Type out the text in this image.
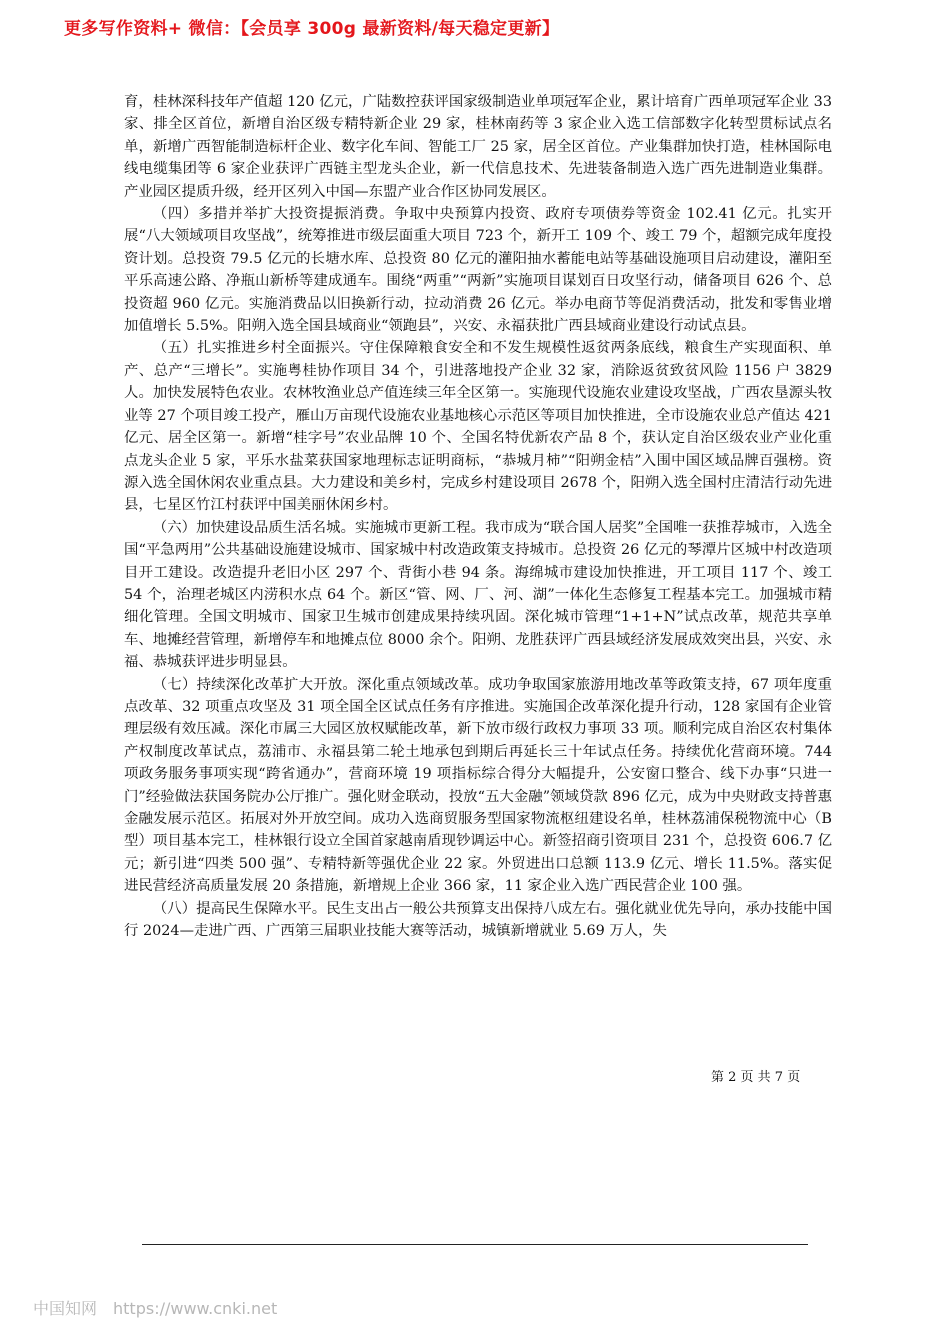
更多写作资料+ 微信：【会员享 300g 最新资料/每天稳定更新】

育，桂林深科技年产值超 120 亿元，广陆数控获评国家级制造业单项冠军企业，累计培育广西单项冠军企业 33 家、排全区首位，新增自治区级专精特新企业 29 家，桂林南药等 3 家企业入选工信部数字化转型贯标试点名单，新增广西智能制造标杆企业、数字化车间、智能工厂 25 家，居全区首位。产业集群加快打造，桂林国际电线电缆集团等 6 家企业获评广西链主型龙头企业，新一代信息技术、先进装备制造入选广西先进制造业集群。产业园区提质升级，经开区列入中国—东盟产业合作区协同发展区。

（四）多措并举扩大投资提振消费。争取中央预算内投资、政府专项债券等资金 102.41 亿元。扎实开展“八大领域项目攻坚战”，统筹推进市级层面重大项目 723 个，新开工 109 个、竣工 79 个，超额完成年度投资计划。总投资 79.5 亿元的长塘水库、总投资 80 亿元的灌阳抽水蓄能电站等基础设施项目启动建设，灌阳至平乐高速公路、净瓶山新桥等建成通车。围绕“两重”“两新”实施项目谋划百日攻坚行动，储备项目 626 个、总投资超 960 亿元。实施消费品以旧换新行动，拉动消费 26 亿元。举办电商节等促消费活动，批发和零售业增加值增长 5.5%。阳朔入选全国县域商业“领跑县”，兴安、永福获批广西县域商业建设行动试点县。

（五）扎实推进乡村全面振兴。守住保障粮食安全和不发生规模性返贫两条底线，粮食生产实现面积、单产、总产“三增长”。实施粤桂协作项目 34 个，引进落地投产企业 32 家，消除返贫致贫风险 1156 户 3829 人。加快发展特色农业。农林牧渔业总产值连续三年全区第一。实施现代设施农业建设攻坚战，广西农垦源头牧业等 27 个项目竣工投产，雁山万亩现代设施农业基地核心示范区等项目加快推进，全市设施农业总产值达 421 亿元、居全区第一。新增“桂字号”农业品牌 10 个、全国名特优新农产品 8 个，获认定自治区级农业产业化重点龙头企业 5 家，平乐水盐菜获国家地理标志证明商标，“恭城月柿”“阳朔金桔”入围中国区域品牌百强榜。资源入选全国休闲农业重点县。大力建设和美乡村，完成乡村建设项目 2678 个，阳朔入选全国村庄清洁行动先进县，七星区竹江村获评中国美丽休闲乡村。

（六）加快建设品质生活名城。实施城市更新工程。我市成为“联合国人居奖”全国唯一获推荐城市，入选全国“平急两用”公共基础设施建设城市、国家城中村改造政策支持城市。总投资 26 亿元的琴潭片区城中村改造项目开工建设。改造提升老旧小区 297 个、背街小巷 94 条。海绵城市建设加快推进，开工项目 117 个、竣工 54 个，治理老城区内涝积水点 64 个。新区“管、网、厂、河、湖”一体化生态修复工程基本完工。加强城市精细化管理。全国文明城市、国家卫生城市创建成果持续巩固。深化城市管理“1+1+N”试点改革，规范共享单车、地摊经营管理，新增停车和地摊点位 8000 余个。阳朔、龙胜获评广西县域经济发展成效突出县，兴安、永福、恭城获评进步明显县。

（七）持续深化改革扩大开放。深化重点领域改革。成功争取国家旅游用地改革等政策支持，67 项年度重点改革、32 项重点攻坚及 31 项全国全区试点任务有序推进。实施国企改革深化提升行动，128 家国有企业管理层级有效压减。深化市属三大园区放权赋能改革，新下放市级行政权力事项 33 项。顺利完成自治区农村集体产权制度改革试点，荔浦市、永福县第二轮土地承包到期后再延长三十年试点任务。持续优化营商环境。744 项政务服务事项实现“跨省通办”，营商环境 19 项指标综合得分大幅提升，公安窗口整合、线下办事“只进一门”经验做法获国务院办公厅推广。强化财金联动，投放“五大金融”领域贷款 896 亿元，成为中央财政支持普惠金融发展示范区。拓展对外开放空间。成功入选商贸服务型国家物流枢纽建设名单，桂林荔浦保税物流中心（B 型）项目基本完工，桂林银行设立全国首家越南盾现钞调运中心。新签招商引资项目 231 个，总投资 606.7 亿元；新引进“四类 500 强”、专精特新等强优企业 22 家。外贸进出口总额 113.9 亿元、增长 11.5%。落实促进民营经济高质量发展 20 条措施，新增规上企业 366 家，11 家企业入选广西民营企业 100 强。

（八）提高民生保障水平。民生支出占一般公共预算支出保持八成左右。强化就业优先导向，承办技能中国行 2024—走进广西、广西第三届职业技能大赛等活动，城镇新增就业 5.69 万人，失

第 2 页 共 7 页
中国知网 https://www.cnki.net
